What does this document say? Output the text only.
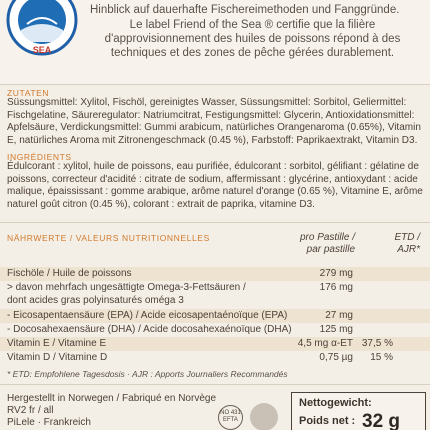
SEA
Hinblick auf dauerhafte Fischereimethoden und Fanggründe.
Le label Friend of the Sea ® certifie que la filière d'approvisionnement des huiles de poissons répond à des techniques et des zones de pêche gérées durablement.
ZUTATEN
Süssungsmittel: Xylitol, Fischöl, gereinigtes Wasser, Süssungsmittel: Sorbitol, Geliermittel: Fischgelatine, Säureregulator: Natriumcitrat, Festigungsmittel: Glycerin, Antioxidationsmittel: Apfelsäure, Verdickungsmittel: Gummi arabicum, natürliches Orangenaroma (0.65%), Vitamin E, natürliches Aroma mit Zitronengeschmack (0.45 %), Farbstoff: Paprikaextrakt, Vitamin D3.
INGRÉDIENTS
Édulcorant : xylitol, huile de poissons, eau purifiée, édulcorant : sorbitol, gélifiant : gélatine de poissons, correcteur d'acidité : citrate de sodium, affermissant : glycérine, antioxydant : acide malique, épaississant : gomme arabique, arôme naturel d'orange (0.65 %), Vitamine E, arôme naturel goût citron (0.45 %), colorant : extrait de paprika, vitamine D3.
NÄHRWERTE / VALEURS NUTRITIONNELLES	pro Pastille / par pastille
ETD / AJR*
Fischöle / Huile de poissons	279 mg
> davon mehrfach ungesättigte Omega-3-Fettsäuren /	176 mg
dont acides gras polyinsaturés oméga 3
- Eicosapentaensäure (EPA) / Acide eicosapentaénoïque (EPA)	27 mg
- Docosahexaensäure (DHA) / Acide docosahexaénoïque (DHA)	125 mg
Vitamin E / Vitamine E	4,5 mg α-ET 37,5 %
Vitamin D / Vitamine D	0,75 µg 15 %
* ETD: Empfohlene Tagesdosis · AJR : Apports Journaliers Recommandés
Hergestellt in Norwegen / Fabriqué en Norvège
RV2 fr / all
PiLele · Frankreich
NO 431 EFTA
Nettogewicht:
Poids net : 32 g
